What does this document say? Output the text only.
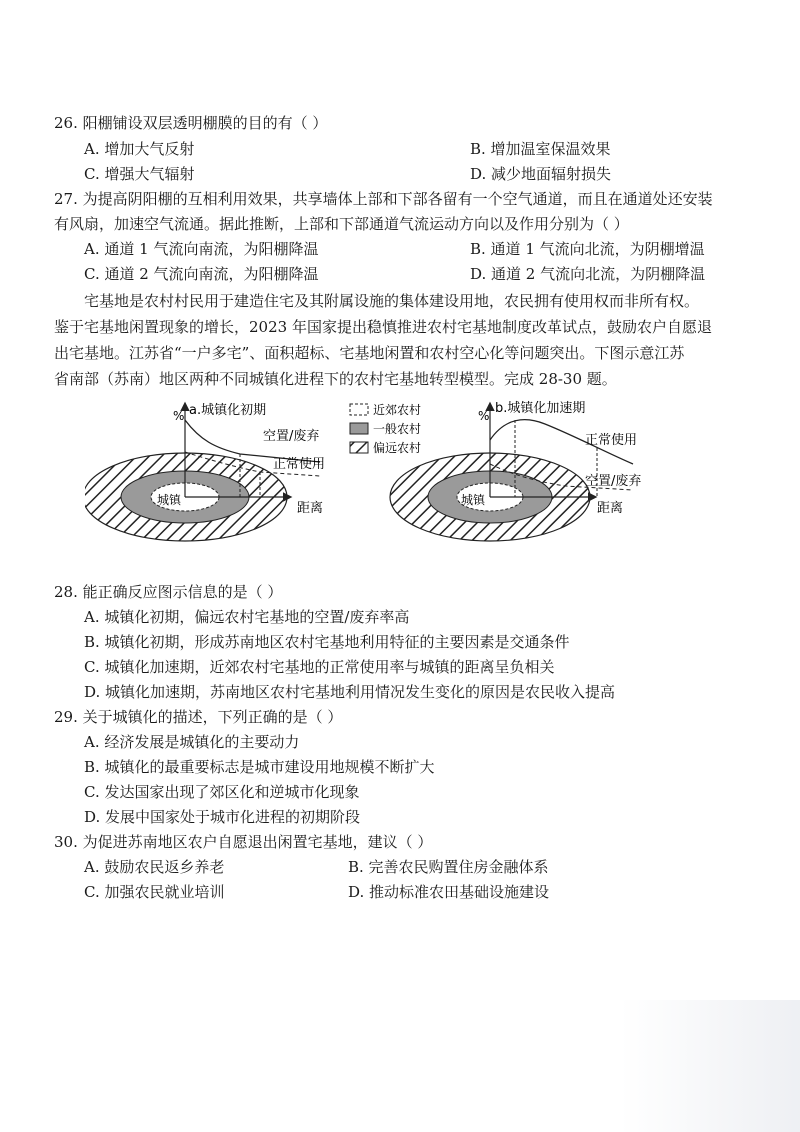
26. 阳棚铺设双层透明棚膜的目的有（ ）
A. 增加大气反射	B. 增加温室保温效果
C. 增强大气辐射	D. 减少地面辐射损失
27. 为提高阴阳棚的互相利用效果，共享墙体上部和下部各留有一个空气通道，而且在通道处还安装
有风扇，加速空气流通。据此推断，上部和下部通道气流运动方向以及作用分别为（ ）
A. 通道 1 气流向南流，为阳棚降温	B. 通道 1 气流向北流，为阴棚增温
C. 通道 2 气流向南流，为阳棚降温	D. 通道 2 气流向北流，为阴棚降温
宅基地是农村村民用于建造住宅及其附属设施的集体建设用地，农民拥有使用权而非所有权。
鉴于宅基地闲置现象的增长，2023 年国家提出稳慎推进农村宅基地制度改革试点，鼓励农户自愿退
出宅基地。江苏省“一户多宅”、面积超标、宅基地闲置和农村空心化等问题突出。下图示意江苏
省南部（苏南）地区两种不同城镇化进程下的农村宅基地转型模型。完成 28-30 题。
% a.城镇化初期
空置/废弃
正常使用
城镇
距离
近郊农村
一般农村
偏远农村
% b.城镇化加速期
正常使用
空置/废弃
城镇
距离
28. 能正确反应图示信息的是（ ）
A. 城镇化初期，偏远农村宅基地的空置/废弃率高
B. 城镇化初期，形成苏南地区农村宅基地利用特征的主要因素是交通条件
C. 城镇化加速期，近郊农村宅基地的正常使用率与城镇的距离呈负相关
D. 城镇化加速期，苏南地区农村宅基地利用情况发生变化的原因是农民收入提高
29. 关于城镇化的描述，下列正确的是（ ）
A. 经济发展是城镇化的主要动力
B. 城镇化的最重要标志是城市建设用地规模不断扩大
C. 发达国家出现了郊区化和逆城市化现象
D. 发展中国家处于城市化进程的初期阶段
30. 为促进苏南地区农户自愿退出闲置宅基地，建议（ ）
A. 鼓励农民返乡养老	B. 完善农民购置住房金融体系
C. 加强农民就业培训	D. 推动标准农田基础设施建设
